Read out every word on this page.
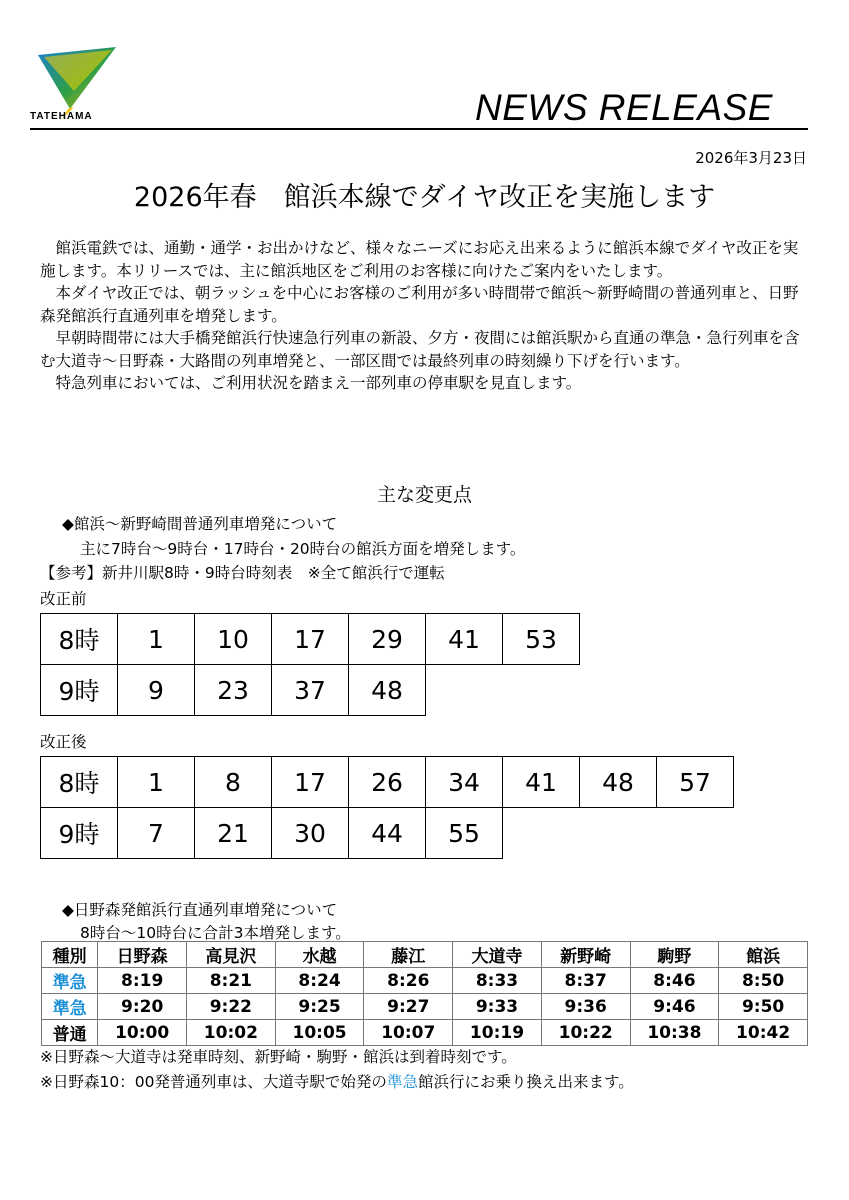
TATEHAMA	NEWS RELEASE
2026年3月23日
2026年春　館浜本線でダイヤ改正を実施します

館浜電鉄では、通勤・通学・お出かけなど、様々なニーズにお応え出来るように館浜本線でダイヤ改正を実施します。本リリースでは、主に館浜地区をご利用のお客様に向けたご案内をいたします。

本ダイヤ改正では、朝ラッシュを中心にお客様のご利用が多い時間帯で館浜～新野崎間の普通列車と、日野森発館浜行直通列車を増発します。

早朝時間帯には大手橋発館浜行快速急行列車の新設、夕方・夜間には館浜駅から直通の準急・急行列車を含む大道寺～日野森・大路間の列車増発と、一部区間では最終列車の時刻繰り下げを行います。

特急列車においては、ご利用状況を踏まえ一部列車の停車駅を見直します。

主な変更点
◆館浜～新野崎間普通列車増発について
主に7時台～9時台・17時台・20時台の館浜方面を増発します。
【参考】新井川駅8時・9時台時刻表　※全て館浜行で運転
改正前
8時	1	10	17	29	41	53
9時	9	23	37	48		
改正後
8時	1	8	17	26	34	41	48	57
9時	7	21	30	44	55			
◆日野森発館浜行直通列車増発について
8時台～10時台に合計3本増発します。
種別	日野森	高見沢	水越	藤江	大道寺	新野崎	駒野	館浜
準急	8:19	8:21	8:24	8:26	8:33	8:37	8:46	8:50
準急	9:20	9:22	9:25	9:27	9:33	9:36	9:46	9:50
普通	10:00	10:02	10:05	10:07	10:19	10:22	10:38	10:42
※日野森～大道寺は発車時刻、新野崎・駒野・館浜は到着時刻です。
※日野森10：00発普通列車は、大道寺駅で始発の準急館浜行にお乗り換え出来ます。
